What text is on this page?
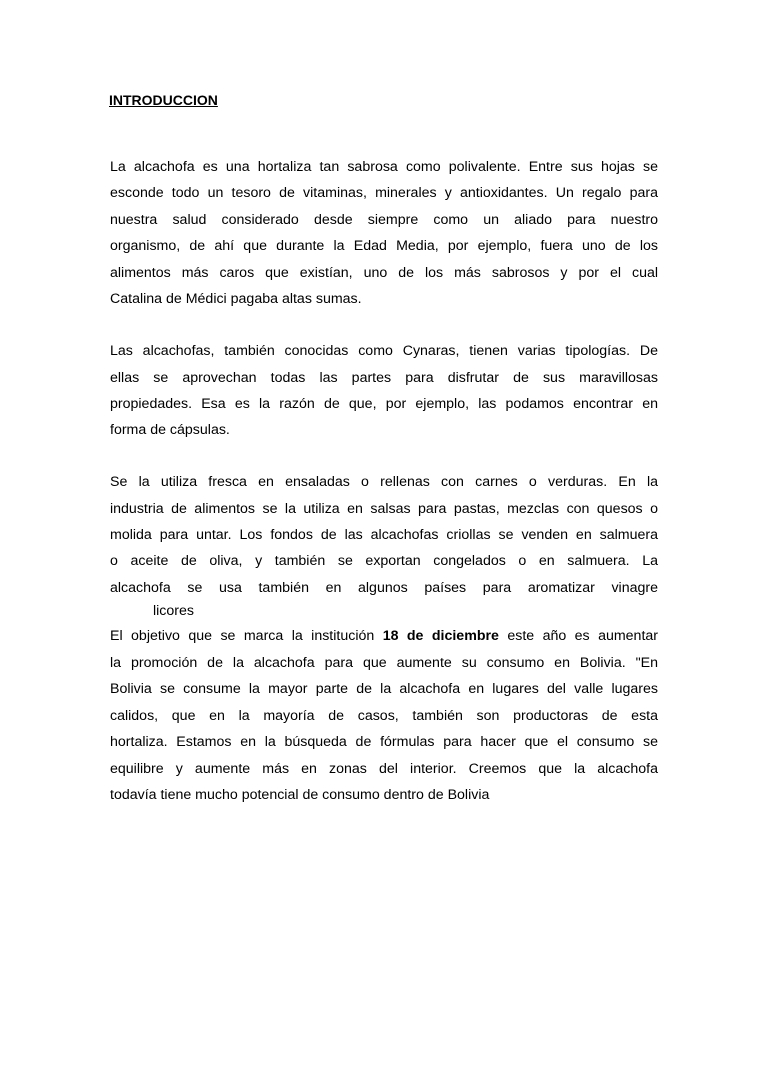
INTRODUCCION
La alcachofa es una hortaliza tan sabrosa como polivalente. Entre sus hojas se
esconde todo un tesoro de vitaminas, minerales y antioxidantes. Un regalo para
nuestra salud considerado desde siempre como un aliado para nuestro
organismo, de ahí que durante la Edad Media, por ejemplo, fuera uno de los
alimentos más caros que existían, uno de los más sabrosos y por el cual
Catalina de Médici pagaba altas sumas.
Las alcachofas, también conocidas como Cynaras, tienen varias tipologías. De
ellas se aprovechan todas las partes para disfrutar de sus maravillosas
propiedades. Esa es la razón de que, por ejemplo, las podamos encontrar en
forma de cápsulas.
Se la utiliza fresca en ensaladas o rellenas con carnes o verduras. En la
industria de alimentos se la utiliza en salsas para pastas, mezclas con quesos o
molida para untar. Los fondos de las alcachofas criollas se venden en salmuera
o aceite de oliva, y también se exportan congelados o en salmuera. La
alcachofa se usa también en algunos países para aromatizar vinagre
licores
El objetivo que se marca la institución 18 de diciembre este año es aumentar
la promoción de la alcachofa para que aumente su consumo en Bolivia. "En
Bolivia se consume la mayor parte de la alcachofa en lugares del valle lugares
calidos, que en la mayoría de casos, también son productoras de esta
hortaliza. Estamos en la búsqueda de fórmulas para hacer que el consumo se
equilibre y aumente más en zonas del interior. Creemos que la alcachofa
todavía tiene mucho potencial de consumo dentro de Bolivia
